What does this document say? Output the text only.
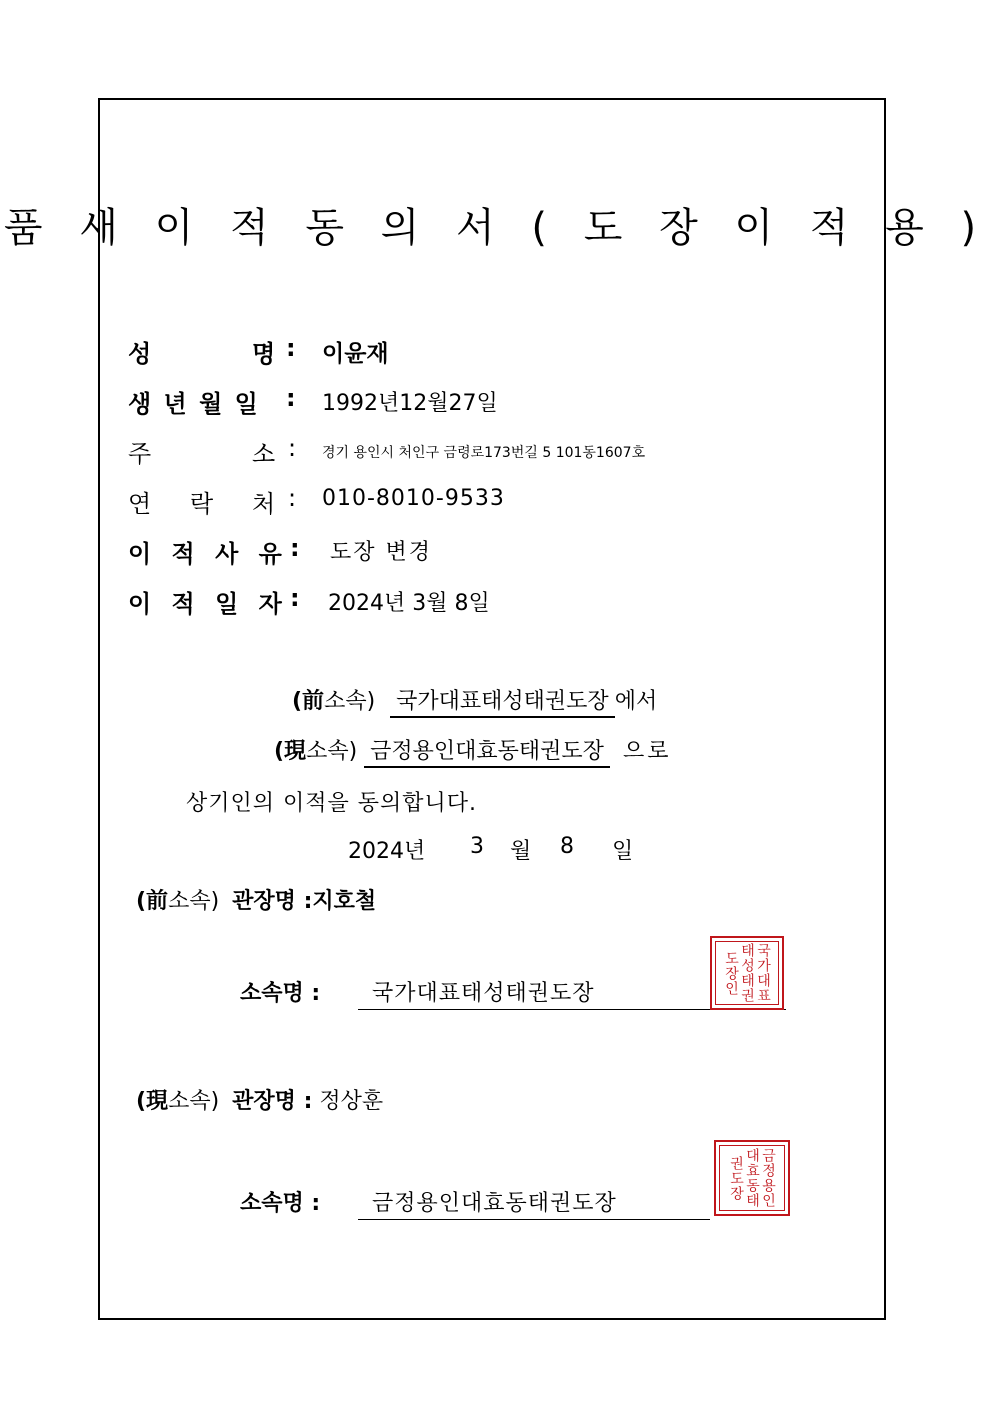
품 새 이 적 동 의 서 ( 도 장 이 적 용 )
성	명 : 이윤재
생 년 월 일 : 1992년12월27일
주	소 : 경기 용인시 처인구 금령로173번길 5 101동1607호
연 락 처 : 010-8010-9533
이 적 사 유 : 도장 변경
이 적 일 자 : 2024년 3월 8일
(前소속) 국가대표태성태권도장 에서
(現소속) 금정용인대효동태권도장 으로
상기인의 이적을 동의합니다.
2024년 3 월 8 일
(前소속) 관장명 :지호철
소속명 : 국가대표태성태권도장	국가대표태성태권도장인
(現소속) 관장명 : 정상훈
소속명 : 금정용인대효동태권도장	금정용인대효동태권도장
